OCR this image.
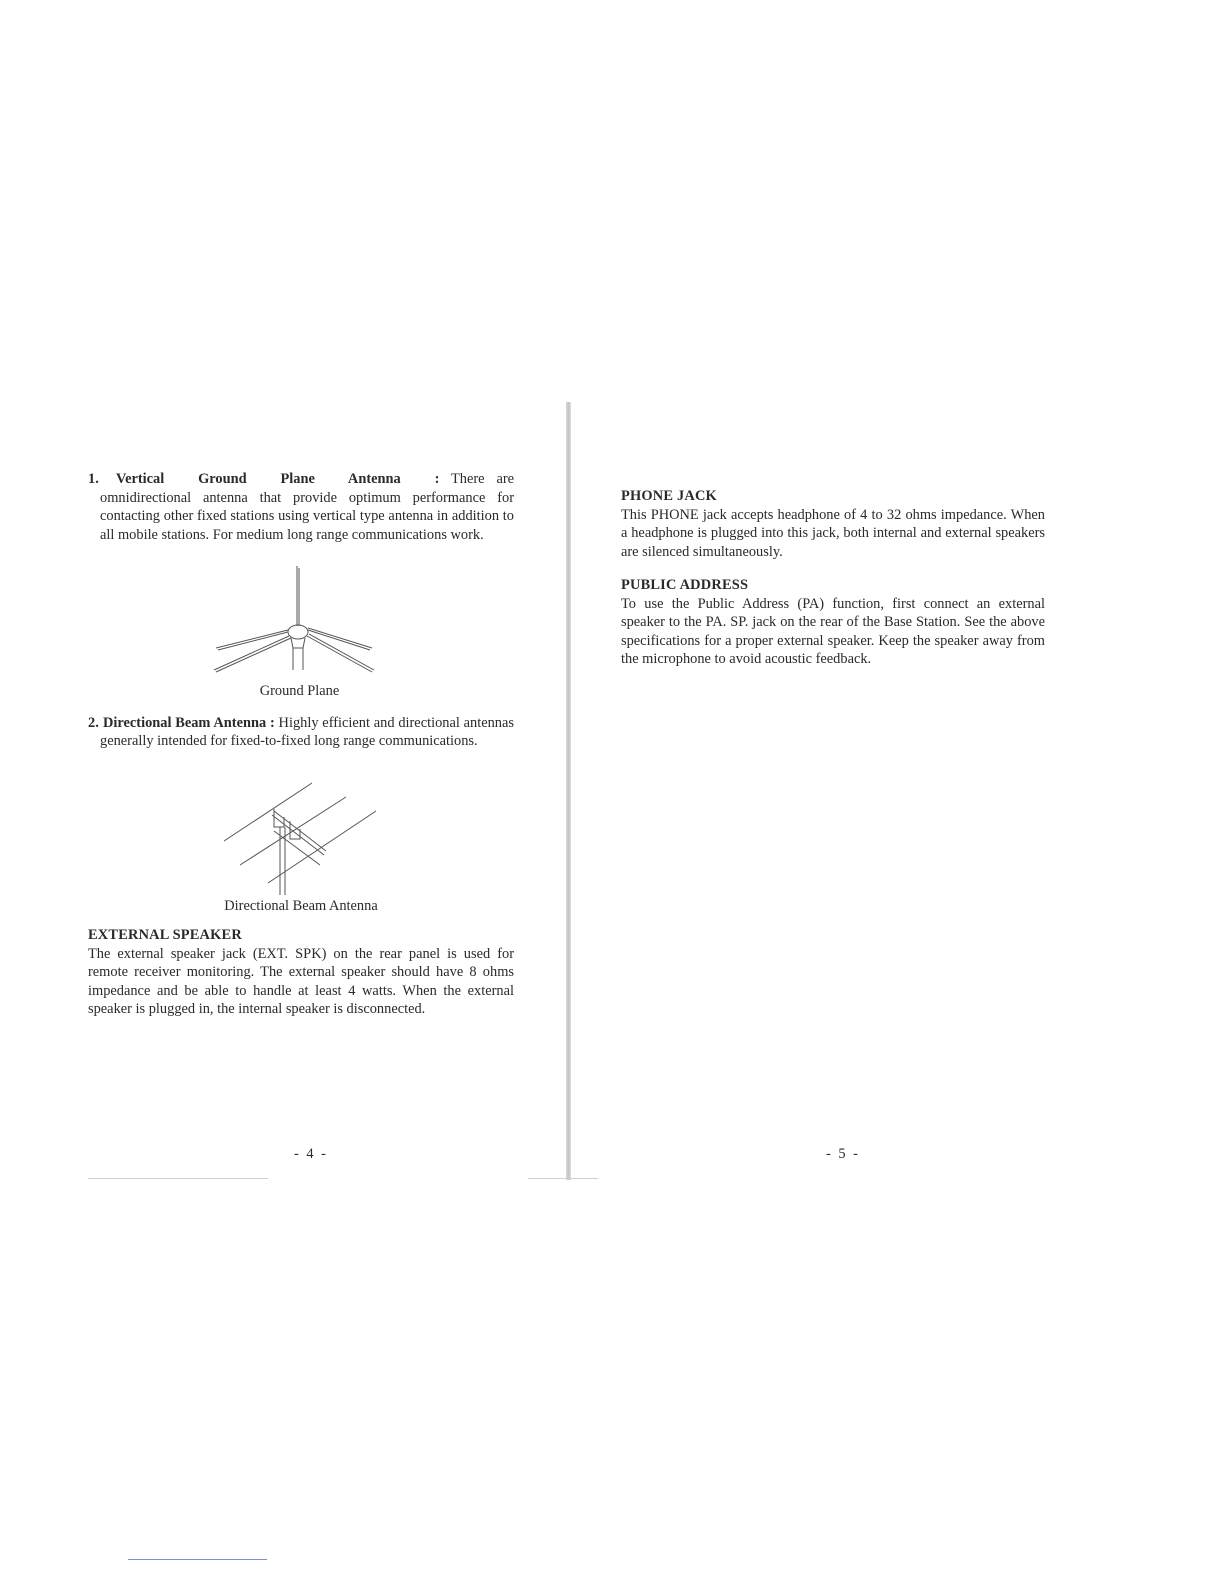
1.	Vertical Ground Plane Antenna : There are omnidirectional antenna that provide optimum performance for contacting other fixed stations using vertical type antenna in addition to all mobile stations. For medium long range communications work.
Ground Plane
2. Directional Beam Antenna : Highly efficient and directional antennas generally intended for fixed-to-fixed long range communications.
Directional Beam Antenna
EXTERNAL SPEAKER

The external speaker jack (EXT. SPK) on the rear panel is used for remote receiver monitoring. The external speaker should have 8 ohms impedance and be able to handle at least 4 watts. When the external speaker is plugged in, the internal speaker is disconnected.

- 4 -
PHONE JACK

This PHONE jack accepts headphone of 4 to 32 ohms impedance. When a headphone is plugged into this jack, both internal and external speakers are silenced simultaneously.

PUBLIC ADDRESS

To use the Public Address (PA) function, first connect an external speaker to the PA. SP. jack on the rear of the Base Station. See the above specifications for a proper external speaker. Keep the speaker away from the microphone to avoid acoustic feedback.

- 5 -
